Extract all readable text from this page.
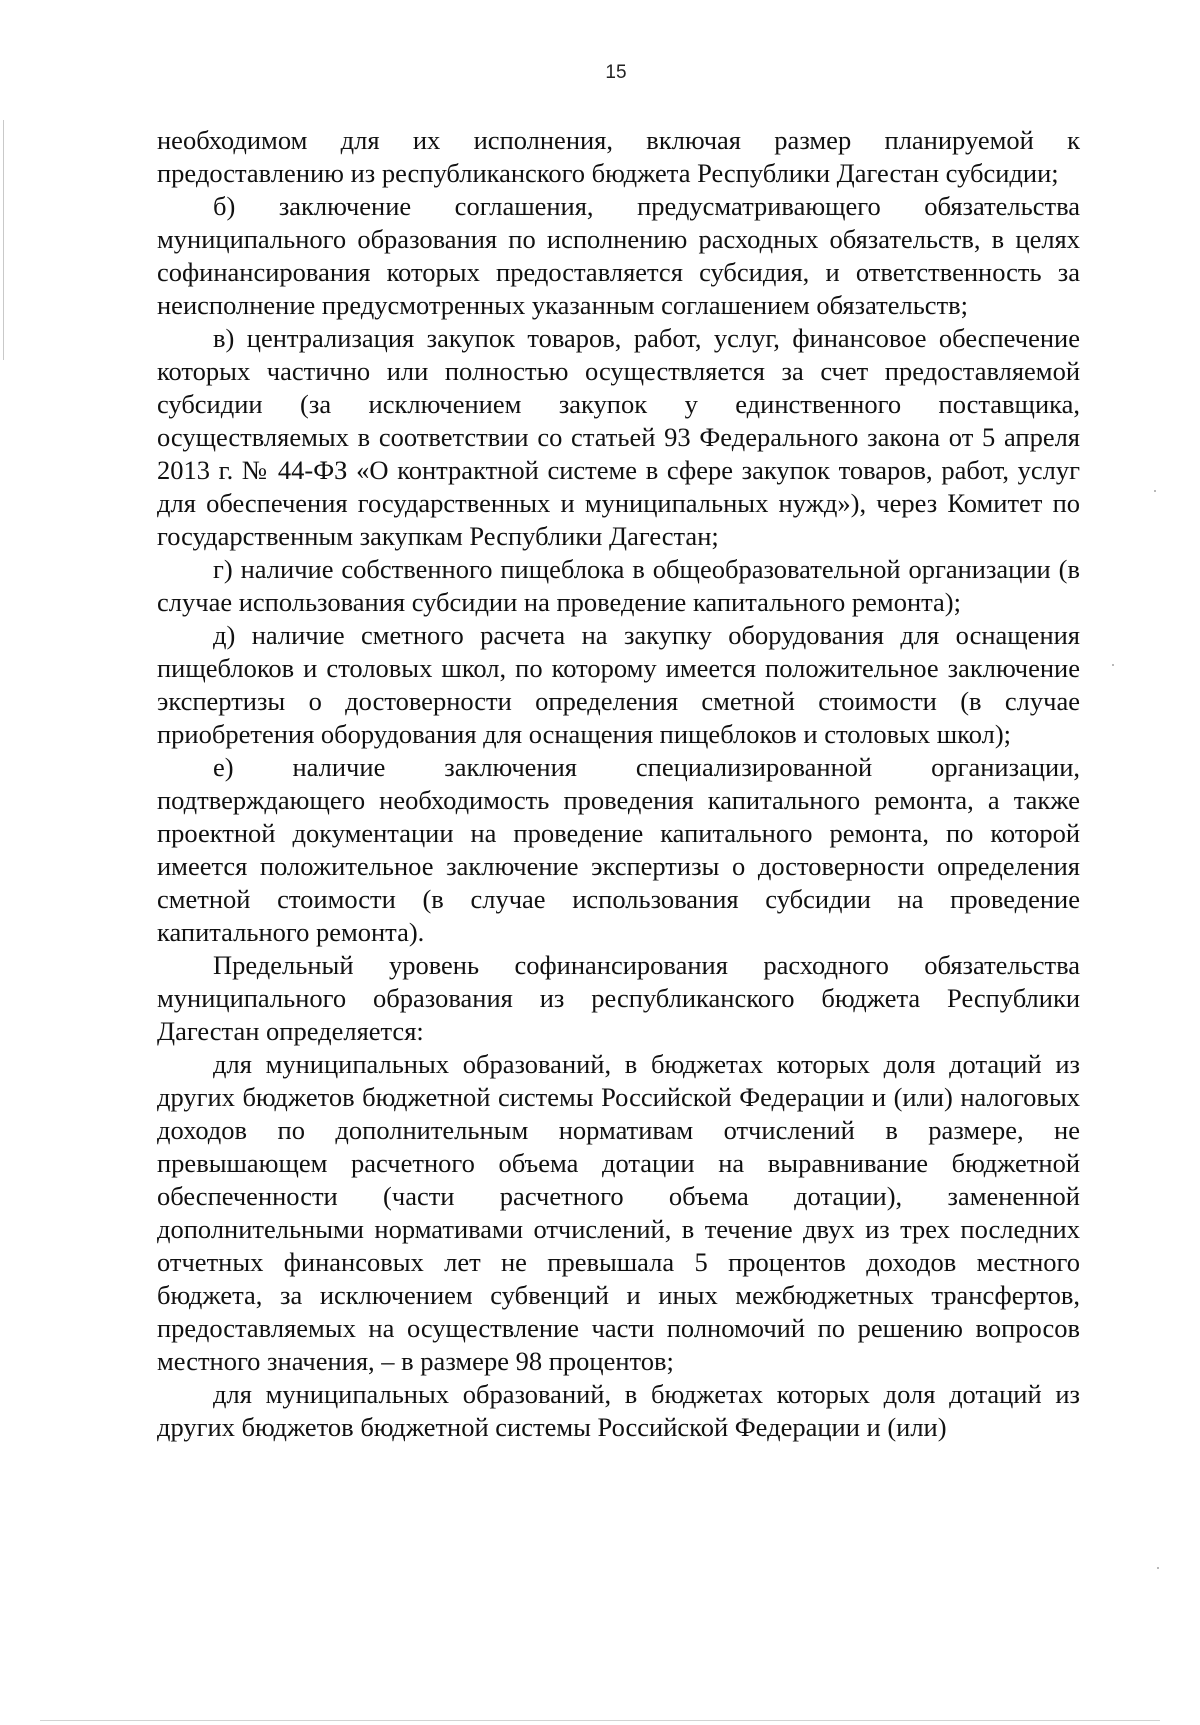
15

необходимом для их исполнения, включая размер планируемой к предоставлению из республиканского бюджета Республики Дагестан субсидии;

б) заключение соглашения, предусматривающего обязательства муниципального образования по исполнению расходных обязательств, в целях софинансирования которых предоставляется субсидия, и ответственность за неисполнение предусмотренных указанным соглашением обязательств;

в) централизация закупок товаров, работ, услуг, финансовое обеспечение которых частично или полностью осуществляется за счет предоставляемой субсидии (за исключением закупок у единственного поставщика, осуществляемых в соответствии со статьей 93 Федерального закона от 5 апреля 2013 г. № 44-ФЗ «О контрактной системе в сфере закупок товаров, работ, услуг для обеспечения государственных и муниципальных нужд»), через Комитет по государственным закупкам Республики Дагестан;

г) наличие собственного пищеблока в общеобразовательной организации (в случае использования субсидии на проведение капитального ремонта);

д) наличие сметного расчета на закупку оборудования для оснащения пищеблоков и столовых школ, по которому имеется положительное заключение экспертизы о достоверности определения сметной стоимости (в случае приобретения оборудования для оснащения пищеблоков и столовых школ);

е) наличие заключения специализированной организации, подтверждающего необходимость проведения капитального ремонта, а также проектной документации на проведение капитального ремонта, по которой имеется положительное заключение экспертизы о достоверности определения сметной стоимости (в случае использования субсидии на проведение капитального ремонта).

Предельный уровень софинансирования расходного обязательства муниципального образования из республиканского бюджета Республики Дагестан определяется:

для муниципальных образований, в бюджетах которых доля дотаций из других бюджетов бюджетной системы Российской Федерации и (или) налоговых доходов по дополнительным нормативам отчислений в размере, не превышающем расчетного объема дотации на выравнивание бюджетной обеспеченности (части расчетного объема дотации), замененной дополнительными нормативами отчислений, в течение двух из трех последних отчетных финансовых лет не превышала 5 процентов доходов местного бюджета, за исключением субвенций и иных межбюджетных трансфертов, предоставляемых на осуществление части полномочий по решению вопросов местного значения, – в размере 98 процентов;

для муниципальных образований, в бюджетах которых доля дотаций из других бюджетов бюджетной системы Российской Федерации и (или)
